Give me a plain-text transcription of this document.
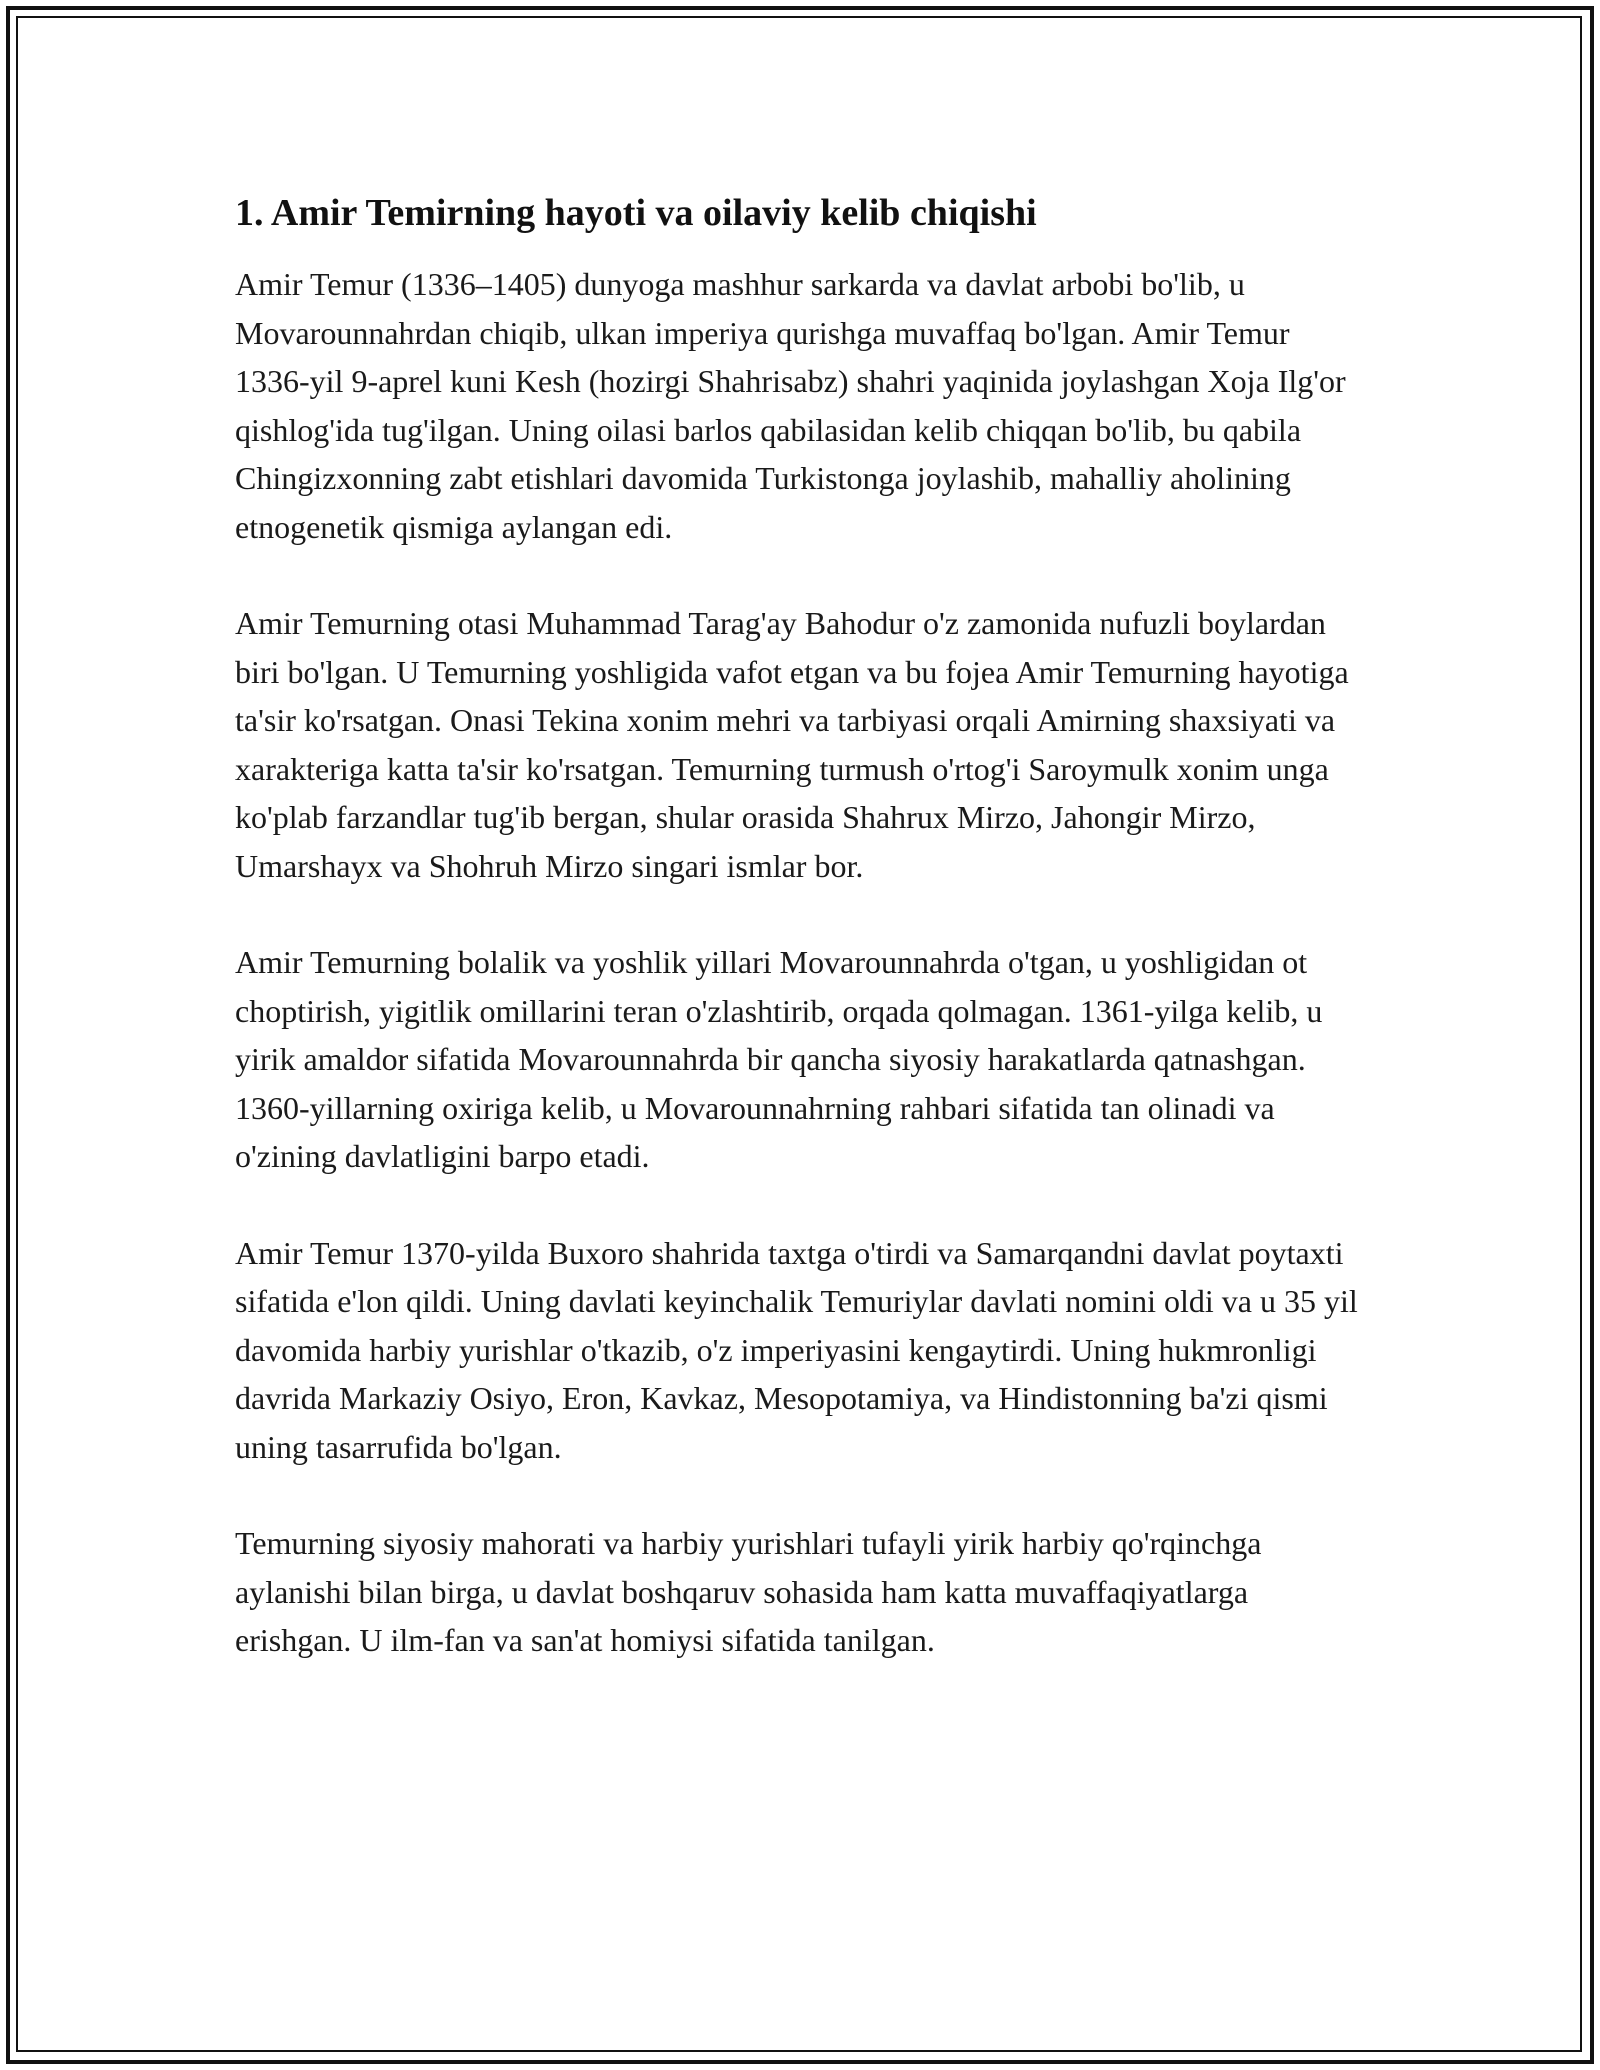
1. Amir Temirning hayoti va oilaviy kelib chiqishi

Amir Temur (1336–1405) dunyoga mashhur sarkarda va davlat arbobi bo'lib, u Movarounnahrdan chiqib, ulkan imperiya qurishga muvaffaq bo'lgan. Amir Temur 1336-yil 9-aprel kuni Kesh (hozirgi Shahrisabz) shahri yaqinida joylashgan Xoja Ilg'or qishlog'ida tug'ilgan. Uning oilasi barlos qabilasidan kelib chiqqan bo'lib, bu qabila Chingizxonning zabt etishlari davomida Turkistonga joylashib, mahalliy aholining etnogenetik qismiga aylangan edi.

Amir Temurning otasi Muhammad Tarag'ay Bahodur o'z zamonida nufuzli boylardan biri bo'lgan. U Temurning yoshligida vafot etgan va bu fojea Amir Temurning hayotiga ta'sir ko'rsatgan. Onasi Tekina xonim mehri va tarbiyasi orqali Amirning shaxsiyati va xarakteriga katta ta'sir ko'rsatgan. Temurning turmush o'rtog'i Saroymulk xonim unga ko'plab farzandlar tug'ib bergan, shular orasida Shahrux Mirzo, Jahongir Mirzo, Umarshayx va Shohruh Mirzo singari ismlar bor.

Amir Temurning bolalik va yoshlik yillari Movarounnahrda o'tgan, u yoshligidan ot choptirish, yigitlik omillarini teran o'zlashtirib, orqada qolmagan. 1361-yilga kelib, u yirik amaldor sifatida Movarounnahrda bir qancha siyosiy harakatlarda qatnashgan. 1360-yillarning oxiriga kelib, u Movarounnahrning rahbari sifatida tan olinadi va o'zining davlatligini barpo etadi.

Amir Temur 1370-yilda Buxoro shahrida taxtga o'tirdi va Samarqandni davlat poytaxti sifatida e'lon qildi. Uning davlati keyinchalik Temuriylar davlati nomini oldi va u 35 yil davomida harbiy yurishlar o'tkazib, o'z imperiyasini kengaytirdi. Uning hukmronligi davrida Markaziy Osiyo, Eron, Kavkaz, Mesopotamiya, va Hindistonning ba'zi qismi uning tasarrufida bo'lgan.

Temurning siyosiy mahorati va harbiy yurishlari tufayli yirik harbiy qo'rqinchga aylanishi bilan birga, u davlat boshqaruv sohasida ham katta muvaffaqiyatlarga erishgan. U ilm-fan va san'at homiysi sifatida tanilgan.
